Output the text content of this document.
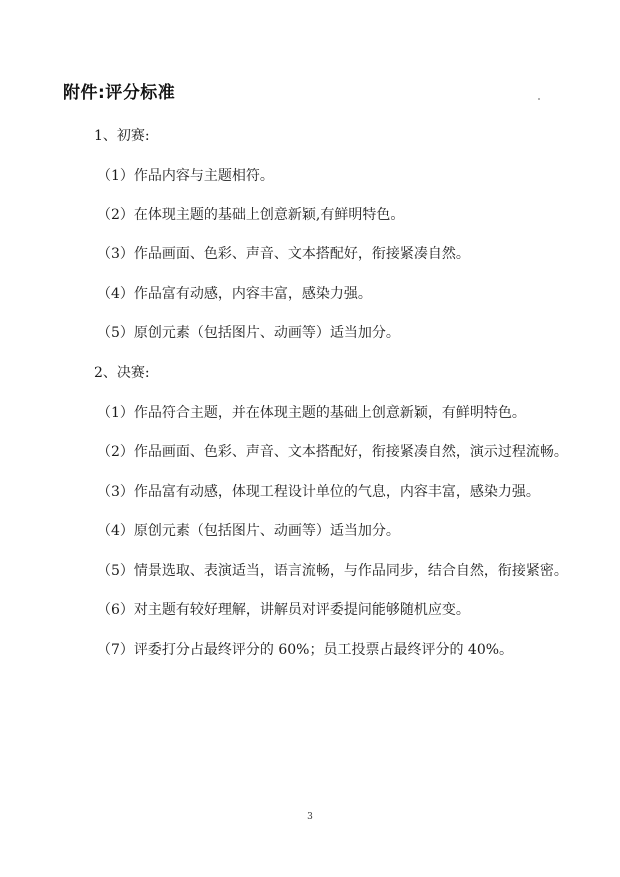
附件:评分标准
1、初赛:
（1）作品内容与主题相符。
（2）在体现主题的基础上创意新颖,有鲜明特色。
（3）作品画面、色彩、声音、文本搭配好，衔接紧凑自然。
（4）作品富有动感，内容丰富，感染力强。
（5）原创元素（包括图片、动画等）适当加分。
2、决赛:
（1）作品符合主题，并在体现主题的基础上创意新颖，有鲜明特色。
（2）作品画面、色彩、声音、文本搭配好，衔接紧凑自然，演示过程流畅。
（3）作品富有动感，体现工程设计单位的气息，内容丰富，感染力强。
（4）原创元素（包括图片、动画等）适当加分。
（5）情景选取、表演适当，语言流畅，与作品同步，结合自然，衔接紧密。
（6）对主题有较好理解，讲解员对评委提问能够随机应变。
（7）评委打分占最终评分的 60%；员工投票占最终评分的 40%。
3
